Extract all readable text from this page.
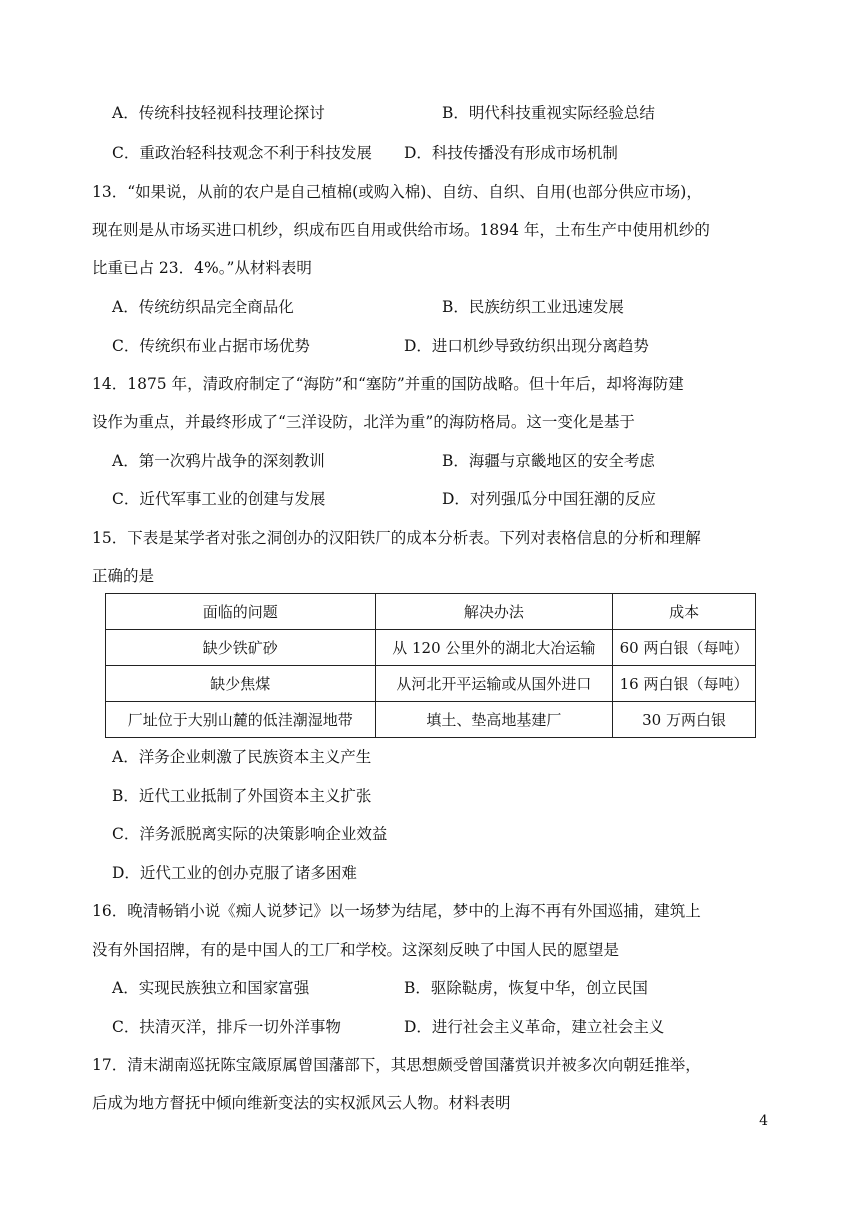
A．传统科技轻视科技理论探讨	B．明代科技重视实际经验总结
C．重政治轻科技观念不利于科技发展 D．科技传播没有形成市场机制
13．“如果说，从前的农户是自己植棉(或购入棉)、自纺、自织、自用(也部分供应市场)，
现在则是从市场买进口机纱，织成布匹自用或供给市场。1894 年，土布生产中使用机纱的
比重已占 23．4%。”从材料表明
A．传统纺织品完全商品化	B．民族纺织工业迅速发展
C．传统织布业占据市场优势	D．进口机纱导致纺织出现分离趋势
14．1875 年，清政府制定了“海防”和“塞防”并重的国防战略。但十年后，却将海防建
设作为重点，并最终形成了“三洋设防，北洋为重”的海防格局。这一变化是基于
A．第一次鸦片战争的深刻教训	B．海疆与京畿地区的安全考虑
C．近代军事工业的创建与发展	D．对列强瓜分中国狂潮的反应
15．下表是某学者对张之洞创办的汉阳铁厂的成本分析表。下列对表格信息的分析和理解
正确的是
面临的问题	解决办法	成本
缺少铁矿砂	从 120 公里外的湖北大冶运输	60 两白银（每吨）
缺少焦煤	从河北开平运输或从国外进口	16 两白银（每吨）
厂址位于大别山麓的低洼潮湿地带	填土、垫高地基建厂	30 万两白银
A．洋务企业刺激了民族资本主义产生
B．近代工业抵制了外国资本主义扩张
C．洋务派脱离实际的决策影响企业效益
D．近代工业的创办克服了诸多困难
16．晚清畅销小说《痴人说梦记》以一场梦为结尾，梦中的上海不再有外国巡捕，建筑上
没有外国招牌，有的是中国人的工厂和学校。这深刻反映了中国人民的愿望是
A．实现民族独立和国家富强	B．驱除鞑虏，恢复中华，创立民国
C．扶清灭洋，排斥一切外洋事物	D．进行社会主义革命，建立社会主义
17．清末湖南巡抚陈宝箴原属曾国藩部下，其思想颇受曾国藩赏识并被多次向朝廷推举，
后成为地方督抚中倾向维新变法的实权派风云人物。材料表明
4
